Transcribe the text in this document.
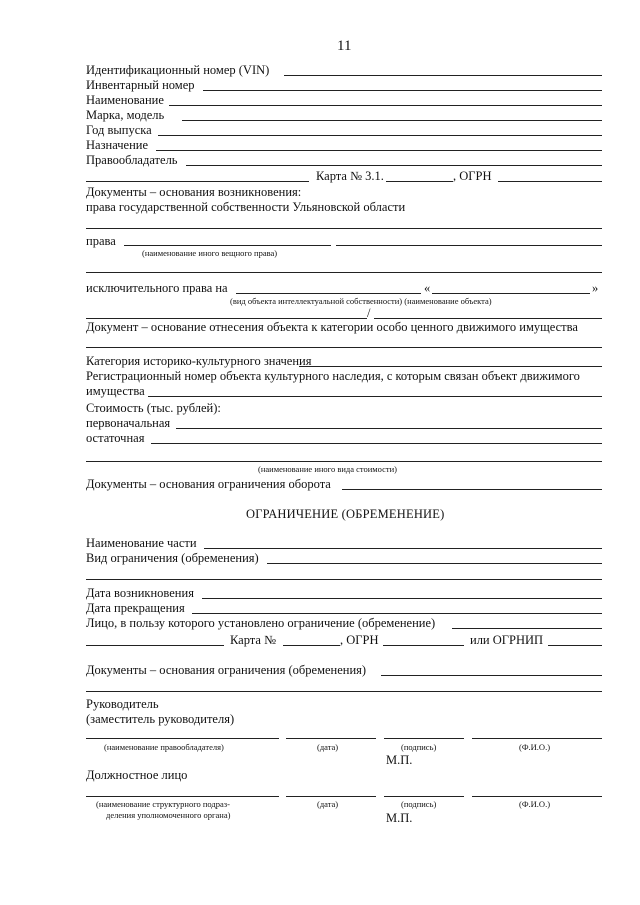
11
Идентификационный номер (VIN)
Инвентарный номер
Наименование
Марка, модель
Год выпуска
Назначение
Правообладатель
Карта № 3.1.	, ОГРН
Документы – основания возникновения:
права государственной собственности Ульяновской области
права
(наименование иного вещного права)
исключительного права на	«	»
(вид объекта интеллектуальной собственности) (наименование объекта)
/
Документ – основание отнесения объекта к категории особо ценного движимого имущества
Категория историко-культурного значения
Регистрационный номер объекта культурного наследия, с которым связан объект движимого
имущества
Стоимость (тыс. рублей):
первоначальная
остаточная
(наименование иного вида стоимости)
Документы – основания ограничения оборота
ОГРАНИЧЕНИЕ (ОБРЕМЕНЕНИЕ)
Наименование части
Вид ограничения (обременения)
Дата возникновения
Дата прекращения
Лицо, в пользу которого установлено ограничение (обременение)
Карта №	, ОГРН	или ОГРНИП
Документы – основания ограничения (обременения)
Руководитель
(заместитель руководителя)
(наименование правообладателя)	(дата)	(подпись)	(Ф.И.О.)
М.П.
Должностное лицо
(наименование структурного подраз-
деления уполномоченного органа)
(дата)	(подпись)	(Ф.И.О.)
М.П.
